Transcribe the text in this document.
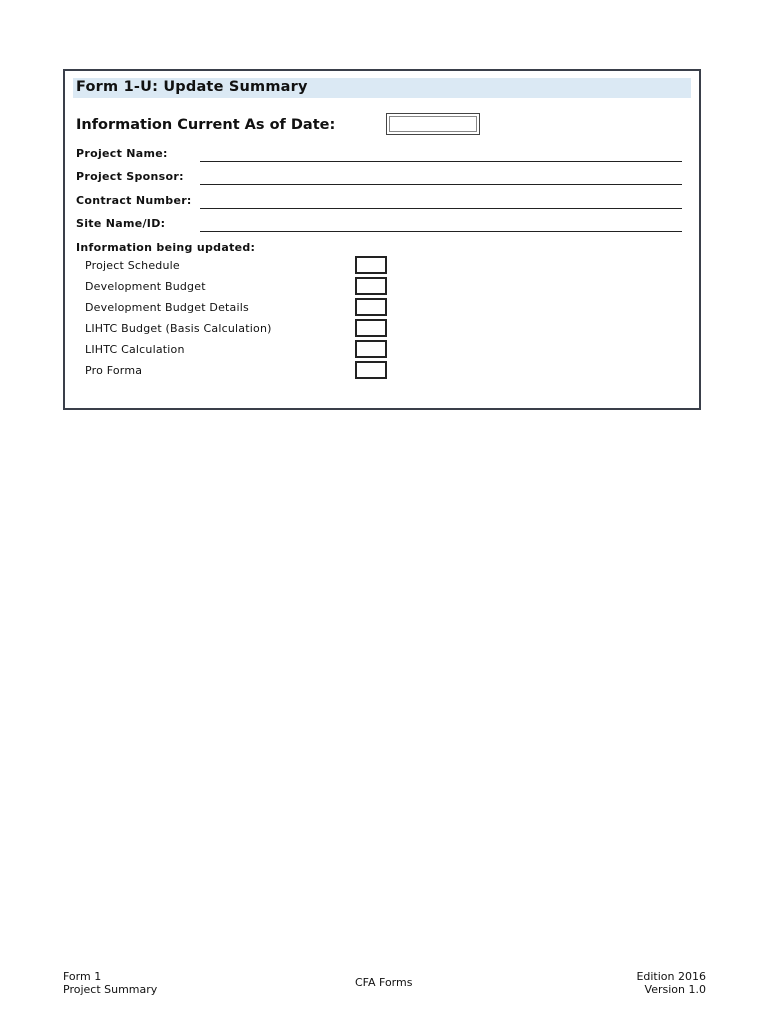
Form 1-U: Update Summary
Information Current As of Date:
Project Name:
Project Sponsor:
Contract Number:
Site Name/ID:
Information being updated:
Project Schedule
Development Budget
Development Budget Details
LIHTC Budget (Basis Calculation)
LIHTC Calculation
Pro Forma
Form 1
Project Summary
CFA Forms	Edition 2016
Version 1.0
